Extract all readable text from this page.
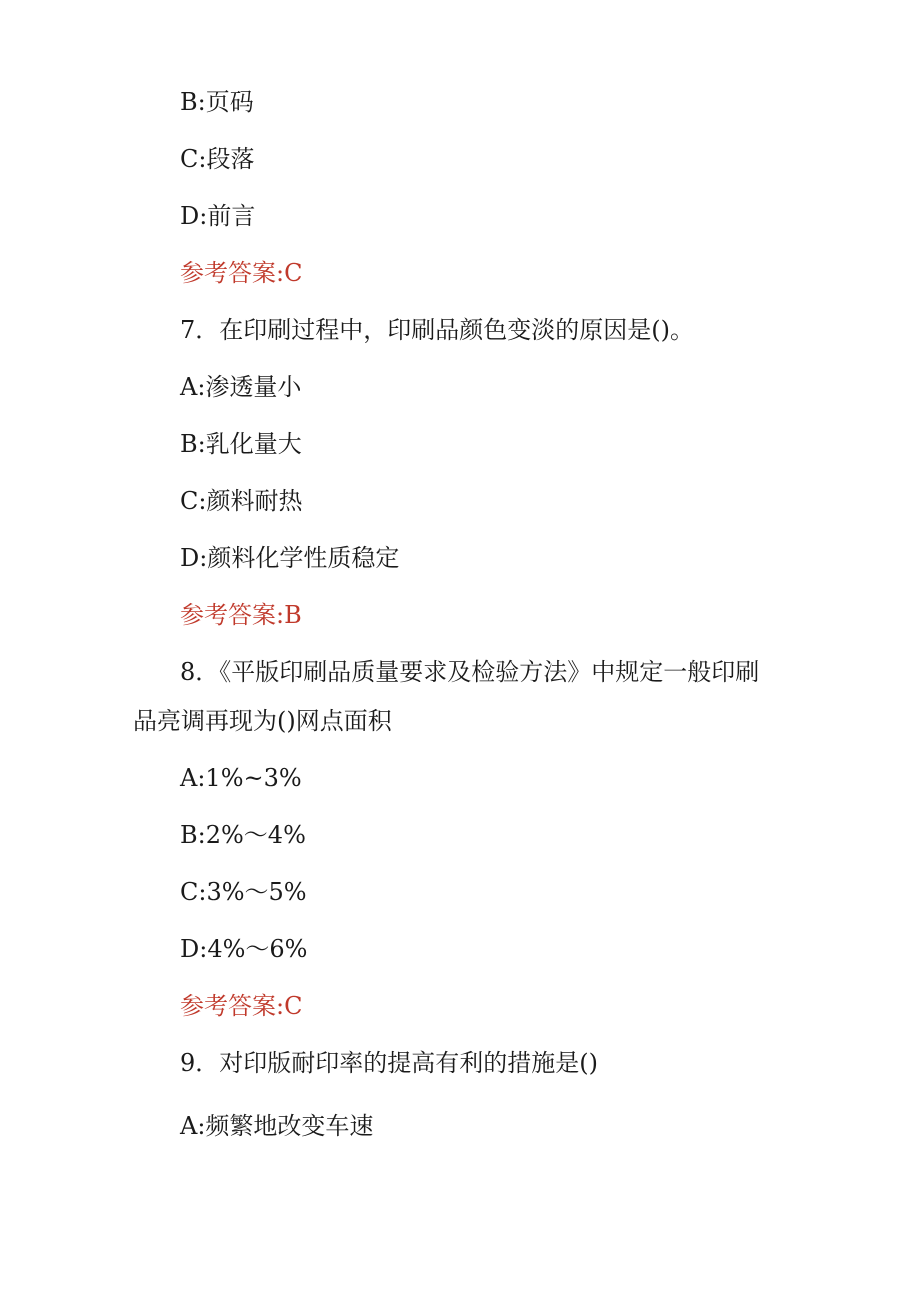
B:页码
C:段落
D:前言
参考答案:C
7．在印刷过程中，印刷品颜色变淡的原因是()。
A:渗透量小
B:乳化量大
C:颜料耐热
D:颜料化学性质稳定
参考答案:B
8．《平版印刷品质量要求及检验方法》中规定一般印刷
品亮调再现为()网点面积
A:1%~3%
B:2%～4%
C:3%～5%
D:4%～6%
参考答案:C
9．对印版耐印率的提高有利的措施是()
A:频繁地改变车速
